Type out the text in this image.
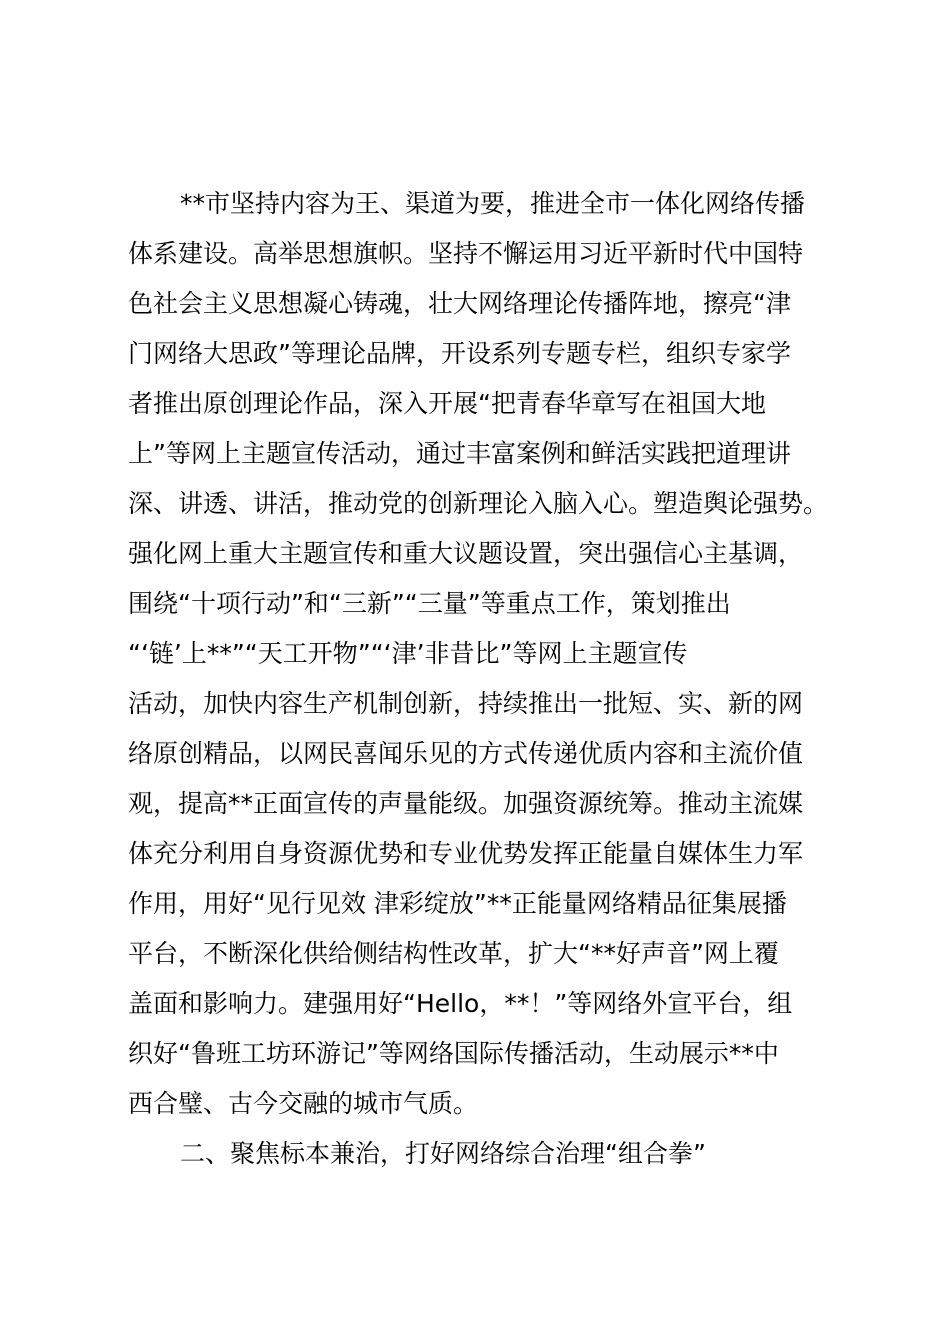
**市坚持内容为王、渠道为要，推进全市一体化网络传播

体系建设。高举思想旗帜。坚持不懈运用习近平新时代中国特

色社会主义思想凝心铸魂，壮大网络理论传播阵地，擦亮“津

门网络大思政”等理论品牌，开设系列专题专栏，组织专家学

者推出原创理论作品，深入开展“把青春华章写在祖国大地

上”等网上主题宣传活动，通过丰富案例和鲜活实践把道理讲

深、讲透、讲活，推动党的创新理论入脑入心。塑造舆论强势。

强化网上重大主题宣传和重大议题设置，突出强信心主基调，

围绕“十项行动”和“三新”“三量”等重点工作，策划推出

“‘链’上**”“天工开物”“‘津’非昔比”等网上主题宣传

活动，加快内容生产机制创新，持续推出一批短、实、新的网

络原创精品，以网民喜闻乐见的方式传递优质内容和主流价值

观，提高**正面宣传的声量能级。加强资源统筹。推动主流媒

体充分利用自身资源优势和专业优势发挥正能量自媒体生力军

作用，用好“见行见效 津彩绽放”**正能量网络精品征集展播

平台，不断深化供给侧结构性改革，扩大“**好声音”网上覆

盖面和影响力。建强用好“Hello，**！”等网络外宣平台，组

织好“鲁班工坊环游记”等网络国际传播活动，生动展示**中

西合璧、古今交融的城市气质。

二、聚焦标本兼治，打好网络综合治理“组合拳”
